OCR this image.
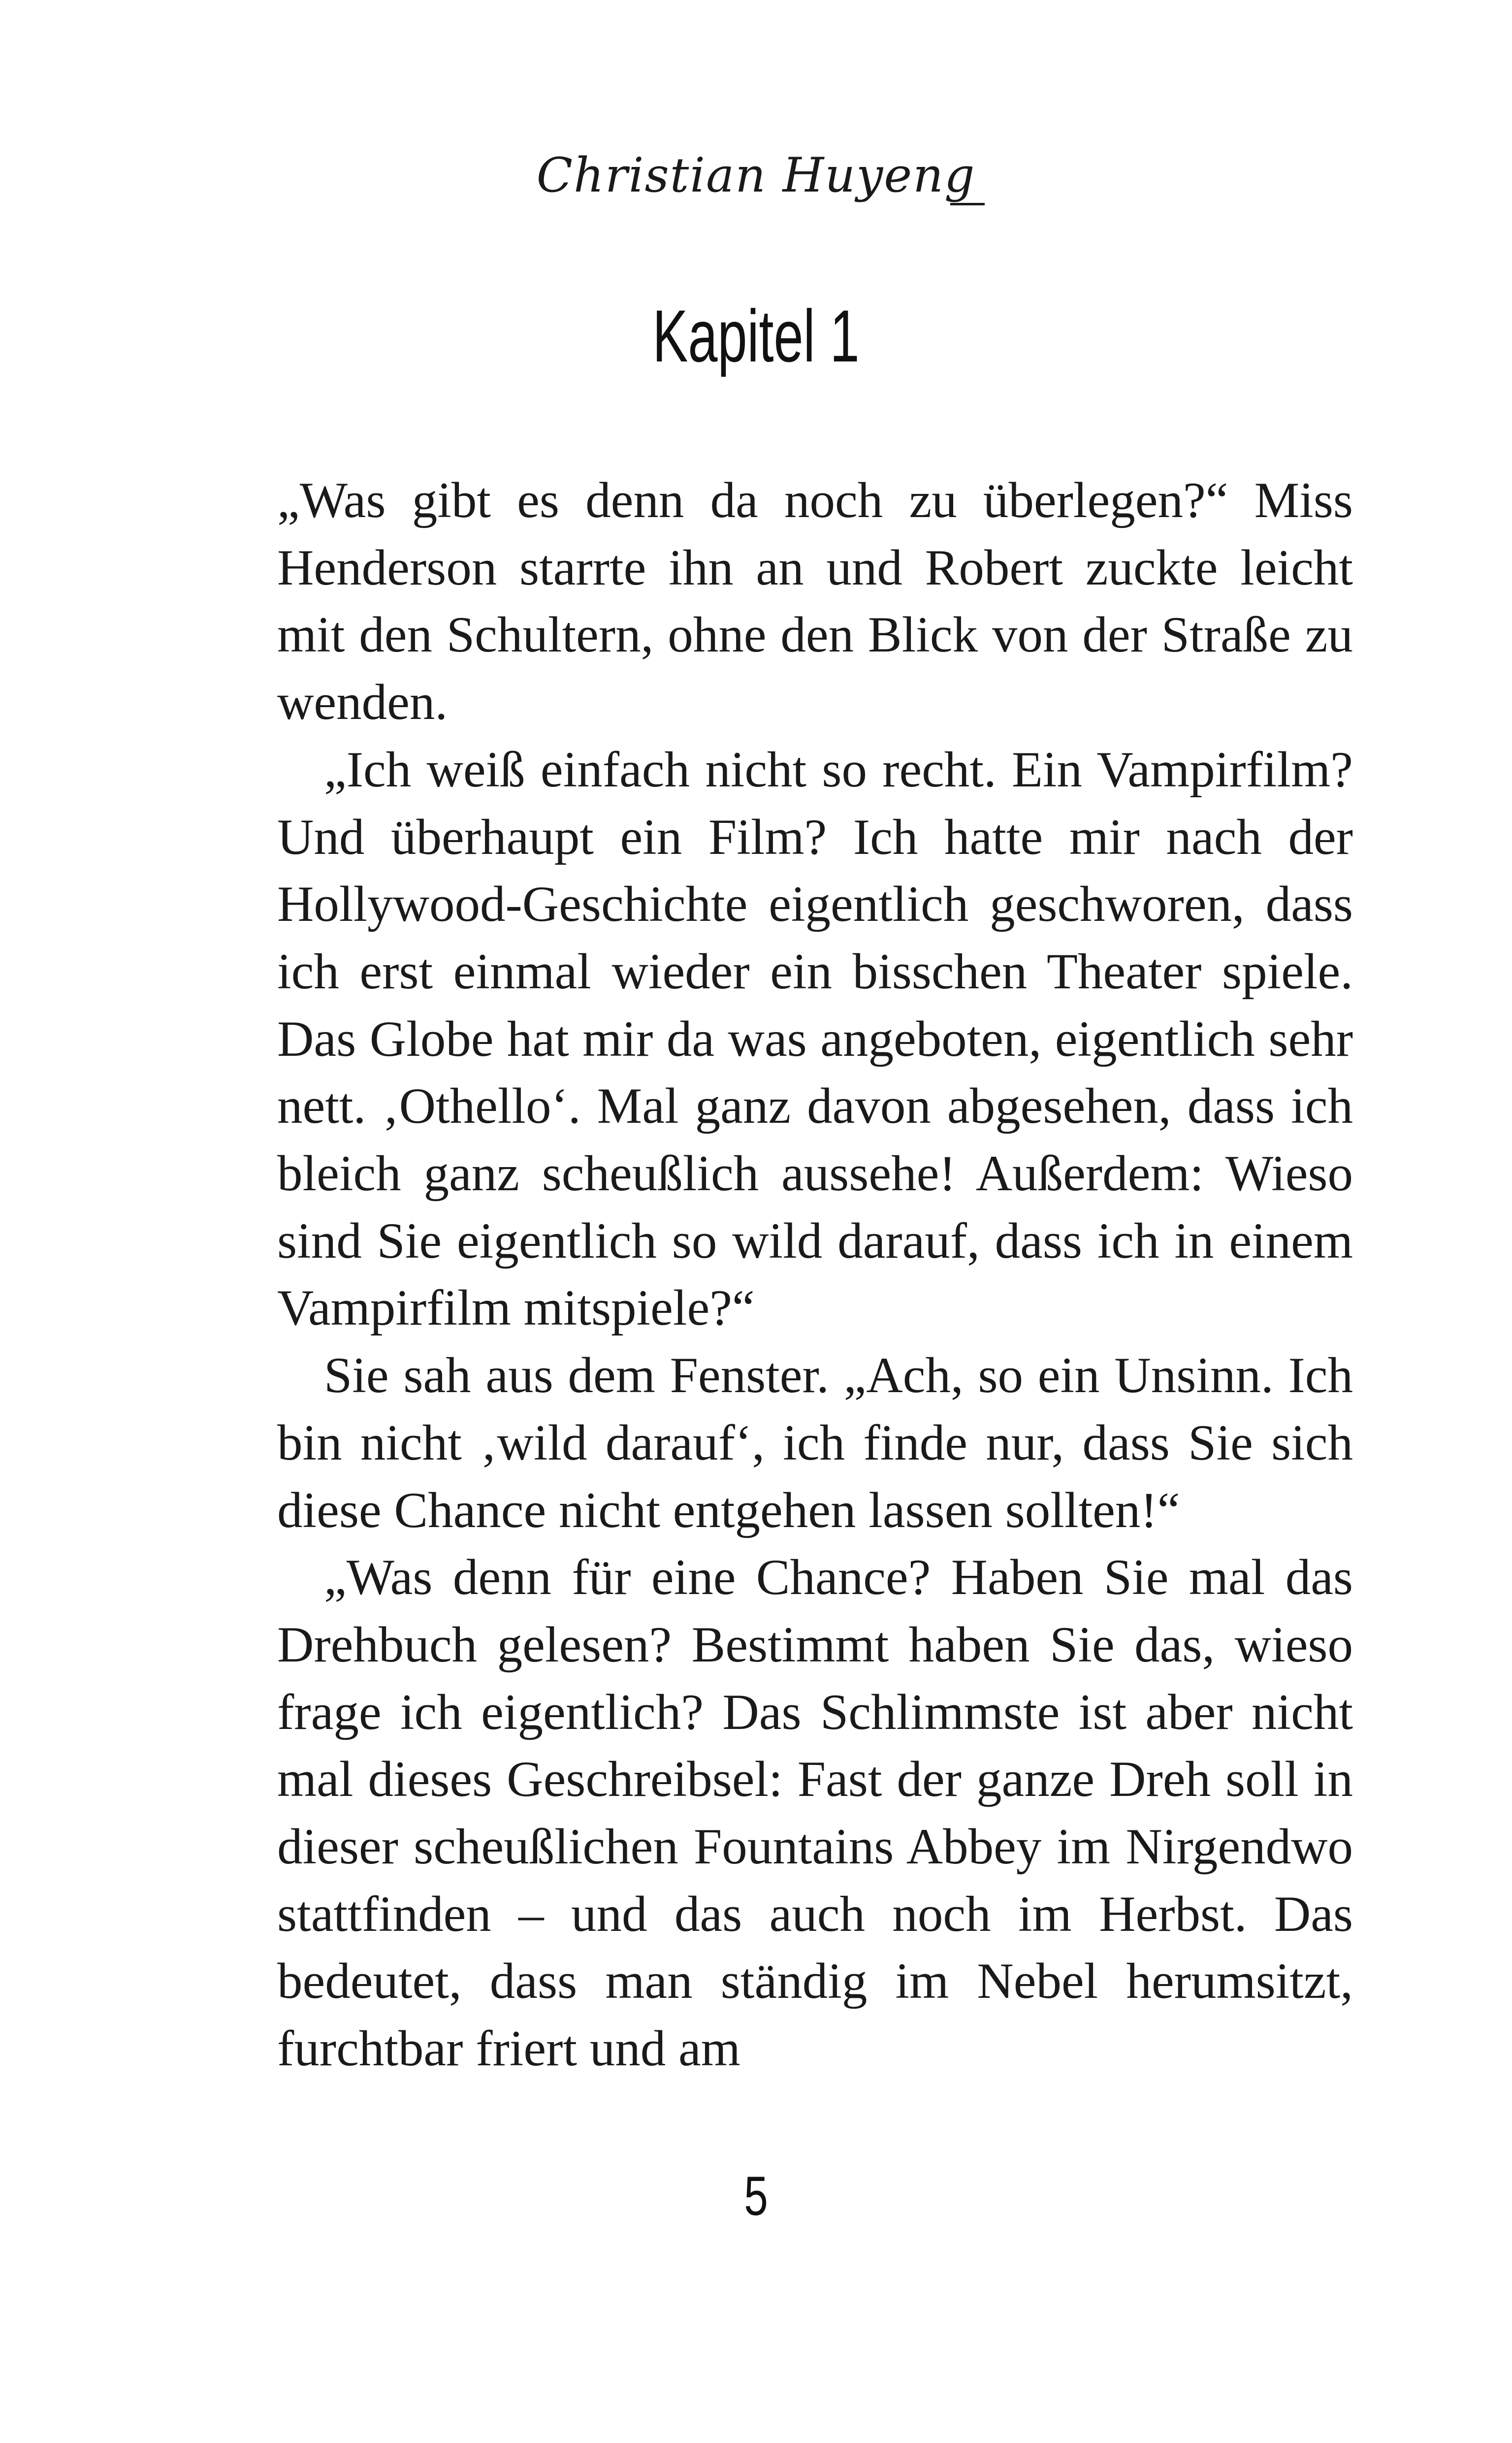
Christian Huyeng
Kapitel 1

„Was gibt es denn da noch zu überlegen?“ Miss Henderson starrte ihn an und Robert zuckte leicht mit den Schultern, ohne den Blick von der Straße zu wenden.

„Ich weiß einfach nicht so recht. Ein Vampirfilm? Und überhaupt ein Film? Ich hatte mir nach der Hollywood-Geschichte eigentlich geschworen, dass ich erst einmal wieder ein bisschen Theater spiele. Das Globe hat mir da was angeboten, eigentlich sehr nett. ‚Othello‘. Mal ganz davon abgesehen, dass ich bleich ganz scheußlich aussehe! Außerdem: Wieso sind Sie eigentlich so wild darauf, dass ich in einem Vampirfilm mitspiele?“

Sie sah aus dem Fenster. „Ach, so ein Unsinn. Ich bin nicht ‚wild darauf‘, ich finde nur, dass Sie sich diese Chance nicht entgehen lassen sollten!“

„Was denn für eine Chance? Haben Sie mal das Drehbuch gelesen? Bestimmt haben Sie das, wieso frage ich eigentlich? Das Schlimmste ist aber nicht mal dieses Geschreibsel: Fast der ganze Dreh soll in dieser scheußlichen Fountains Abbey im Nirgendwo stattfinden – und das auch noch im Herbst. Das bedeutet, dass man ständig im Nebel herumsitzt, furchtbar friert und am

5
